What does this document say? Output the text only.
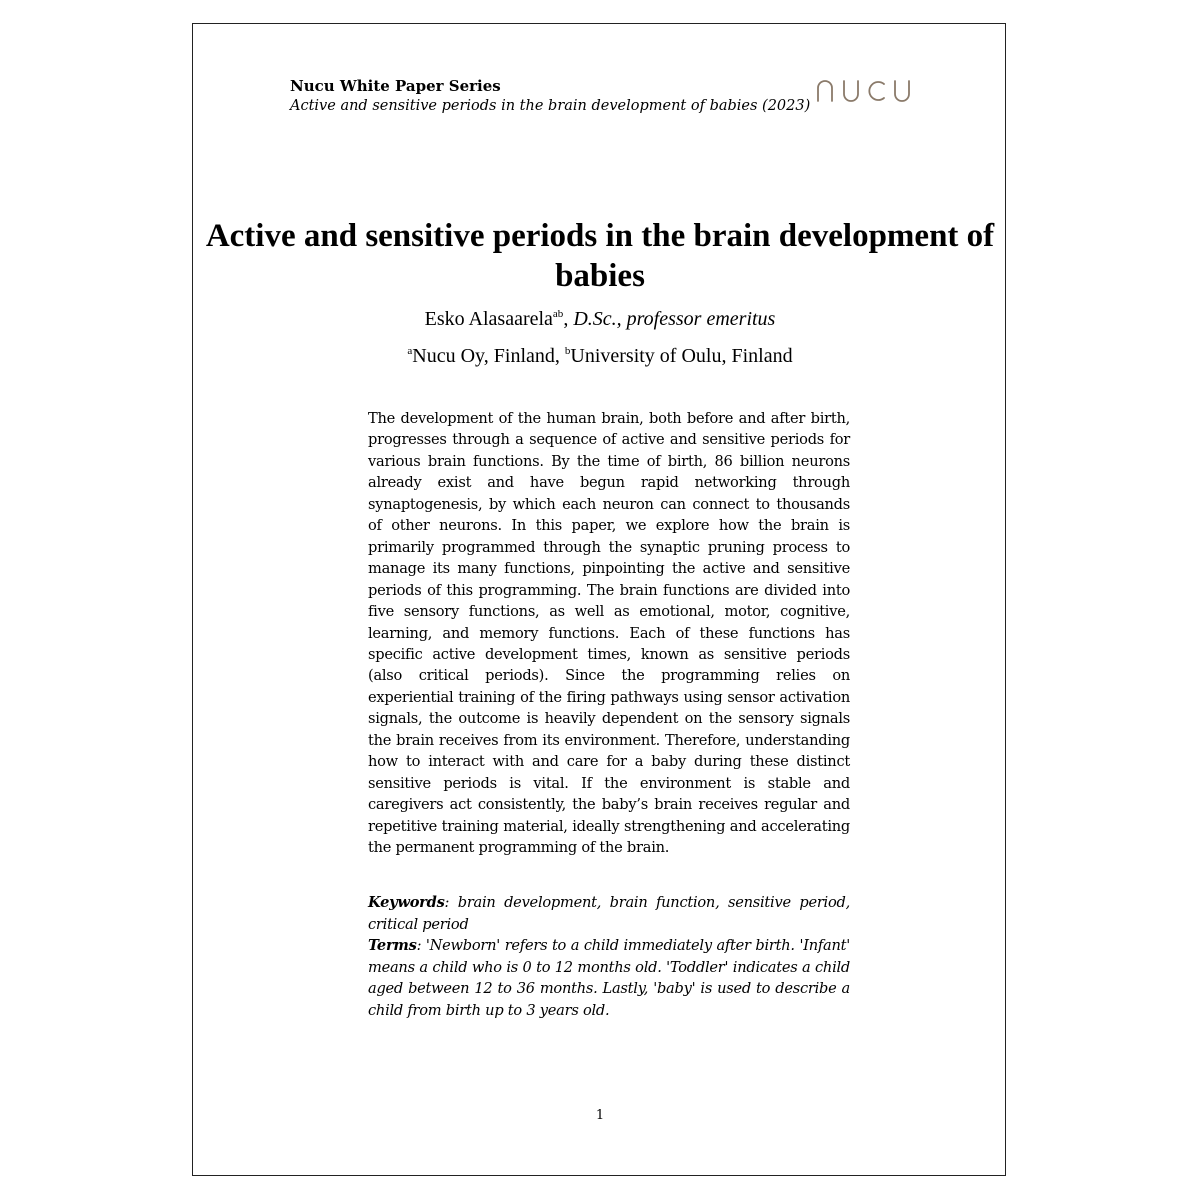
Nucu White Paper Series
Active and sensitive periods in the brain development of babies (2023)
Active and sensitive periods in the brain development of babies
Esko Alasaarela$^{ab}$, D.Sc., professor emeritus
$^a$Nucu Oy, Finland, $^b$University of Oulu, Finland
The development of the human brain, both before and after birth, progresses through a sequence of active and sensitive periods for various brain functions. By the time of birth, 86 billion neurons already exist and have begun rapid networking through synaptogenesis, by which each neuron can connect to thousands of other neurons. In this paper, we explore how the brain is primarily programmed through the synaptic pruning process to manage its many functions, pinpointing the active and sensitive periods of this programming. The brain functions are divided into five sensory functions, as well as emotional, motor, cognitive, learning, and memory functions. Each of these functions has specific active development times, known as sensitive periods (also critical periods). Since the programming relies on experiential training of the firing pathways using sensor activation signals, the outcome is heavily dependent on the sensory signals the brain receives from its environment. Therefore, understanding how to interact with and care for a baby during these distinct sensitive periods is vital. If the environment is stable and caregivers act consistently, the baby’s brain receives regular and repetitive training material, ideally strengthening and accelerating the permanent programming of the brain.
Keywords: brain development, brain function, sensitive period, critical period
Terms: 'Newborn' refers to a child immediately after birth. 'Infant' means a child who is 0 to 12 months old. 'Toddler' indicates a child aged between 12 to 36 months. Lastly, 'baby' is used to describe a child from birth up to 3 years old.
1
